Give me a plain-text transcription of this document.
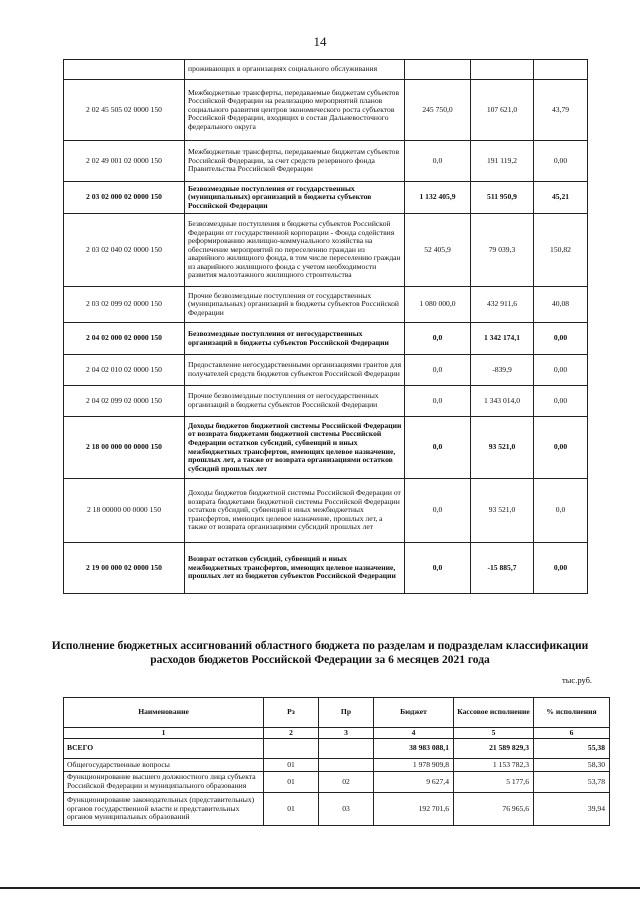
14
	проживающих в организациях социального обслуживания			
2 02 45 505 02 0000 150	Межбюджетные трансферты, передаваемые бюджетам субъектов Российской Федерации на реализацию мероприятий планов социального развития центров экономического роста субъектов Российской Федерации, входящих в состав Дальневосточного федерального округа	245 750,0	107 621,0	43,79
2 02 49 001 02 0000 150	Межбюджетные трансферты, передаваемые бюджетам субъектов Российской Федерации, за счет средств резервного фонда Правительства Российской Федерации	0,0	191 119,2	0,00
2 03 02 000 02 0000 150	Безвозмездные поступления от государственных (муниципальных) организаций в бюджеты субъектов Российской Федерации	1 132 405,9	511 950,9	45,21
2 03 02 040 02 0000 150	Безвозмездные поступления в бюджеты субъектов Российской Федерации от государственной корпорации - Фонда содействия реформированию жилищно-коммунального хозяйства на обеспечение мероприятий по переселению граждан из аварийного жилищного фонда, в том числе переселению граждан из аварийного жилищного фонда с учетом необходимости развития малоэтажного жилищного строительства	52 405,9	79 039,3	150,82
2 03 02 099 02 0000 150	Прочие безвозмездные поступления от государственных (муниципальных) организаций в бюджеты субъектов Российской Федерации	1 080 000,0	432 911,6	40,08
2 04 02 000 02 0000 150	Безвозмездные поступления от негосударственных организаций в бюджеты субъектов Российской Федерации	0,0	1 342 174,1	0,00
2 04 02 010 02 0000 150	Предоставление негосударственными организациями грантов для получателей средств бюджетов субъектов Российской Федерации	0,0	-839,9	0,00
2 04 02 099 02 0000 150	Прочие безвозмездные поступления от негосударственных организаций в бюджеты субъектов Российской Федерации	0,0	1 343 014,0	0,00
2 18 00 000 00 0000 150	Доходы бюджетов бюджетной системы Российской Федерации от возврата бюджетами бюджетной системы Российской Федерации остатков субсидий, субвенций и иных межбюджетных трансфертов, имеющих целевое назначение, прошлых лет, а также от возврата организациями остатков субсидий прошлых лет	0,0	93 521,0	0,00
2 18 00000 00 0000 150	Доходы бюджетов бюджетной системы Российской Федерации от возврата бюджетами бюджетной системы Российской Федерации остатков субсидий, субвенций и иных межбюджетных трансфертов, имеющих целевое назначение, прошлых лет, а также от возврата организациями субсидий прошлых лет	0,0	93 521,0	0,0
2 19 00 000 02 0000 150	Возврат остатков субсидий, субвенций и иных межбюджетных трансфертов, имеющих целевое назначение, прошлых лет из бюджетов субъектов Российской Федерации	0,0	-15 885,7	0,00
Исполнение бюджетных ассигнований областного бюджета по разделам и подразделам классификации расходов бюджетов Российской Федерации за 6 месяцев 2021 года
тыс.руб.
Наименование	Рз	Пр	Бюджет	Кассовое исполнение	% исполнения
1	2	3	4	5	6
ВСЕГО			38 983 088,1	21 589 829,3	55,38
Общегосударственные вопросы	01		1 978 909,8	1 153 782,3	58,30
Функционирование высшего должностного лица субъекта Российской Федерации и муниципального образования	01	02	9 627,4	5 177,6	53,78
Функционирование законодательных (представительных) органов государственной власти и представительных органов муниципальных образований	01	03	192 701,6	76 965,6	39,94
